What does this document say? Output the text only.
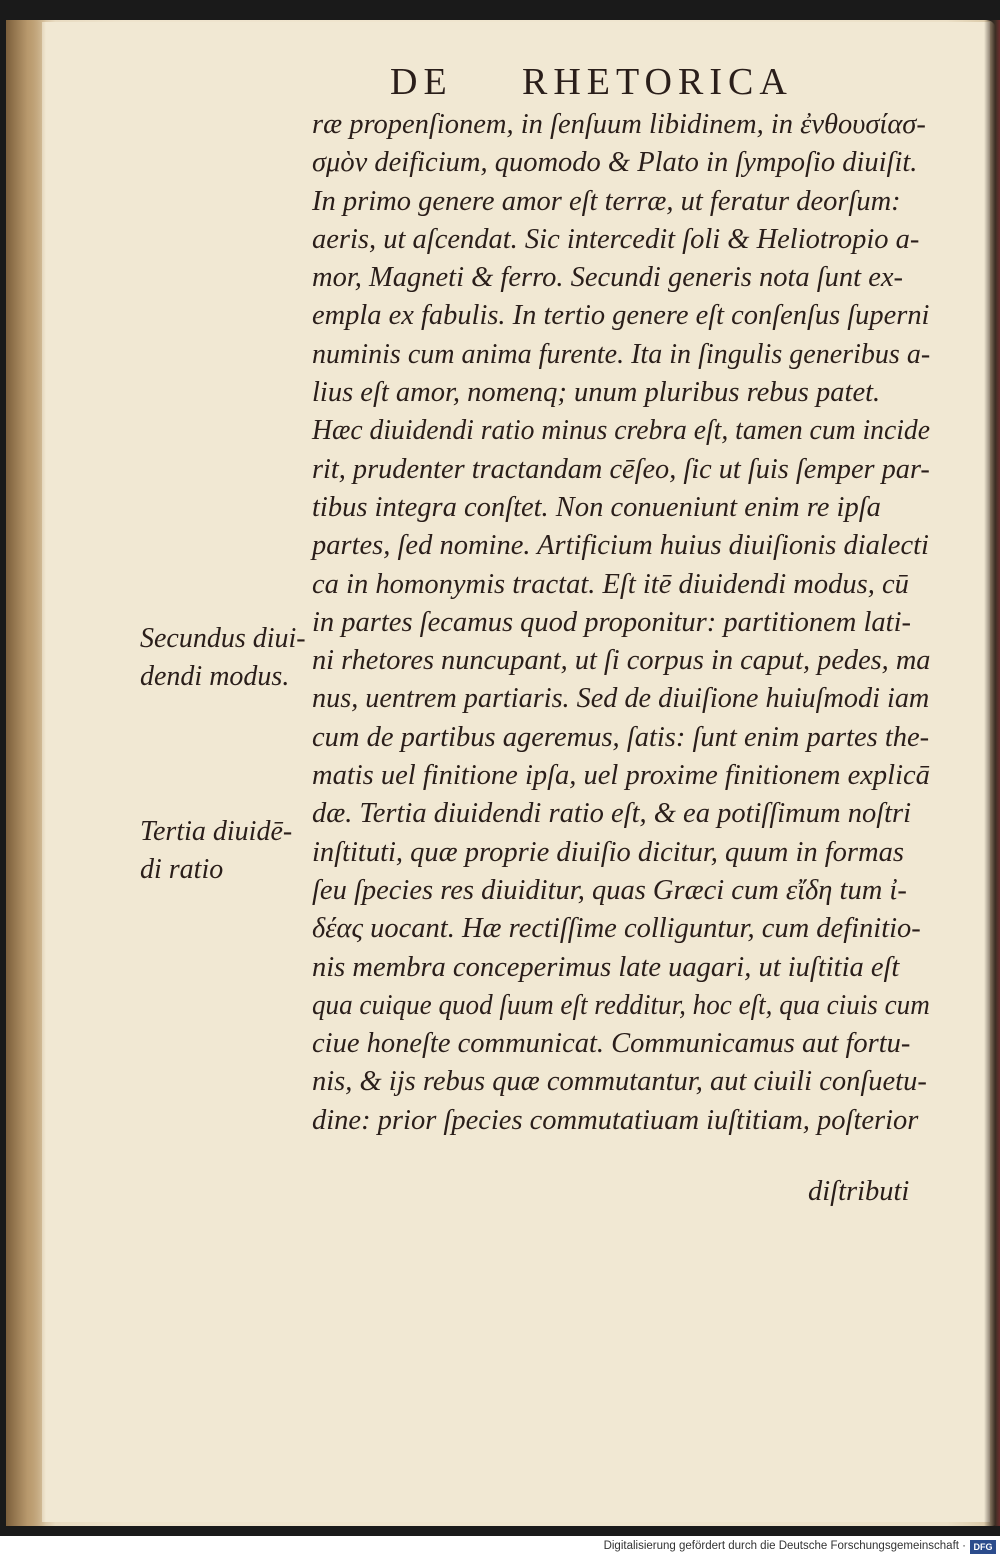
DE RHETORICA
Secundus diui-
dendi modus.
Tertia diuidē-
di ratio
ræ propenſionem, in ſenſuum libidinem, in ἐνθουσίασ-
σμὸν deificium, quomodo & Plato in ſympoſio diuiſit.
In primo genere amor eſt terræ, ut feratur deorſum:
aeris, ut aſcendat. Sic intercedit ſoli & Heliotropio a-
mor, Magneti & ferro. Secundi generis nota ſunt ex-
empla ex fabulis. In tertio genere eſt conſenſus ſuperni
numinis cum anima furente. Ita in ſingulis generibus a-
lius eſt amor, nomenq; unum pluribus rebus patet.
Hæc diuidendi ratio minus crebra eſt, tamen cum incide
rit, prudenter tractandam cēſeo, ſic ut ſuis ſemper par-
tibus integra conſtet. Non conueniunt enim re ipſa
partes, ſed nomine. Artificium huius diuiſionis dialecti
ca in homonymis tractat. Eſt itē diuidendi modus, cū
in partes ſecamus quod proponitur: partitionem lati-
ni rhetores nuncupant, ut ſi corpus in caput, pedes, ma
nus, uentrem partiaris. Sed de diuiſione huiuſmodi iam
cum de partibus ageremus, ſatis: ſunt enim partes the-
matis uel finitione ipſa, uel proxime finitionem explicā
dæ. Tertia diuidendi ratio eſt, & ea potiſſimum noſtri
inſtituti, quæ proprie diuiſio dicitur, quum in formas
ſeu ſpecies res diuiditur, quas Græci cum εἴδη tum ἰ-
δέας uocant. Hæ rectiſſime colliguntur, cum definitio-
nis membra conceperimus late uagari, ut iuſtitia eſt
qua cuique quod ſuum eſt redditur, hoc eſt, qua ciuis cum
ciue honeſte communicat. Communicamus aut fortu-
nis, & ijs rebus quæ commutantur, aut ciuili conſuetu-
dine: prior ſpecies commutatiuam iuſtitiam, poſterior
diſtributi
Digitalisierung gefördert durch die Deutsche Forschungsgemeinschaft · DFG
